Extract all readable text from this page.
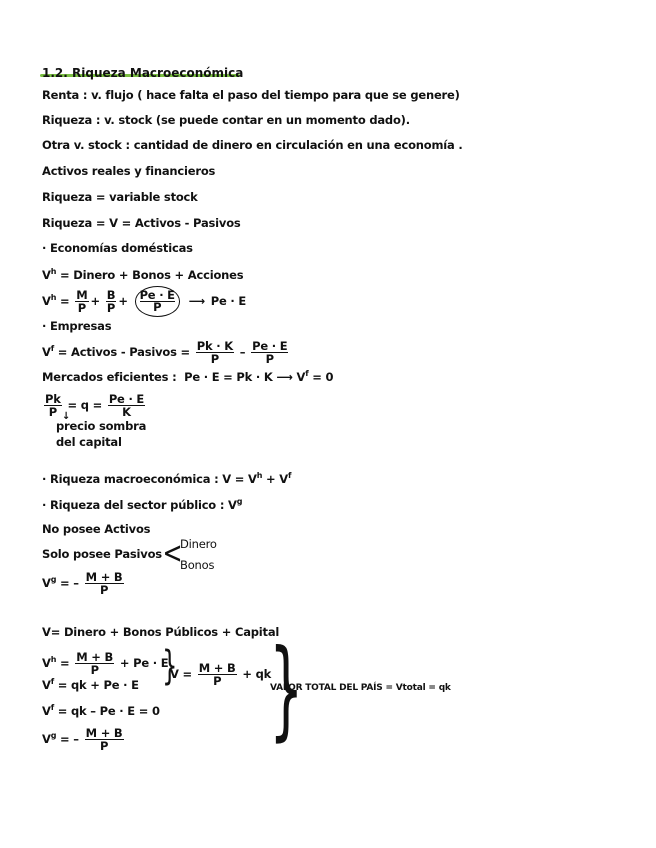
1.2. Riqueza Macroeconómica
Renta : v. flujo ( hace falta el paso del tiempo para que se genere)
Riqueza : v. stock (se puede contar en un momento dado).
Otra v. stock : cantidad de dinero en circulación en una economía .
Activos reales y financieros
Riqueza = variable stock
Riqueza = V = Activos - Pasivos
· Economías domésticas
$V^h$ = Dinero + Bonos + Acciones
$V^h = \frac{M}{P} + \frac{B}{P} + \frac{Pe \cdot E}{P}$ ⟶ Pe · E
· Empresas
$V^f$ = Activos - Pasivos = $\frac{Pk \cdot K}{P} - \frac{Pe \cdot E}{P}$
Mercados eficientes :  Pe · E = Pk · K ⟶ $V^f = 0$
$\frac{Pk}{P} = q = \frac{Pe \cdot E}{K}$
↓
precio sombra
del capital
· Riqueza macroeconómica : $V = V^h + V^f$
· Riqueza del sector público : $V^g$
No posee Activos
Solo posee Pasivos <
Dinero
Bonos
$V^g$ = – $\frac{M + B}{P}$
V= Dinero + Bonos Públicos + Capital
$V^h = \frac{M + B}{P} + Pe \cdot E$
$V^f$ = qk + Pe · E
$V^f$ = qk – Pe · E = 0
$V^g$ = – $\frac{M + B}{P}$
}
$V = \frac{M + B}{P}$ + qk
}
VALOR TOTAL DEL PAÍS = Vtotal = qk
